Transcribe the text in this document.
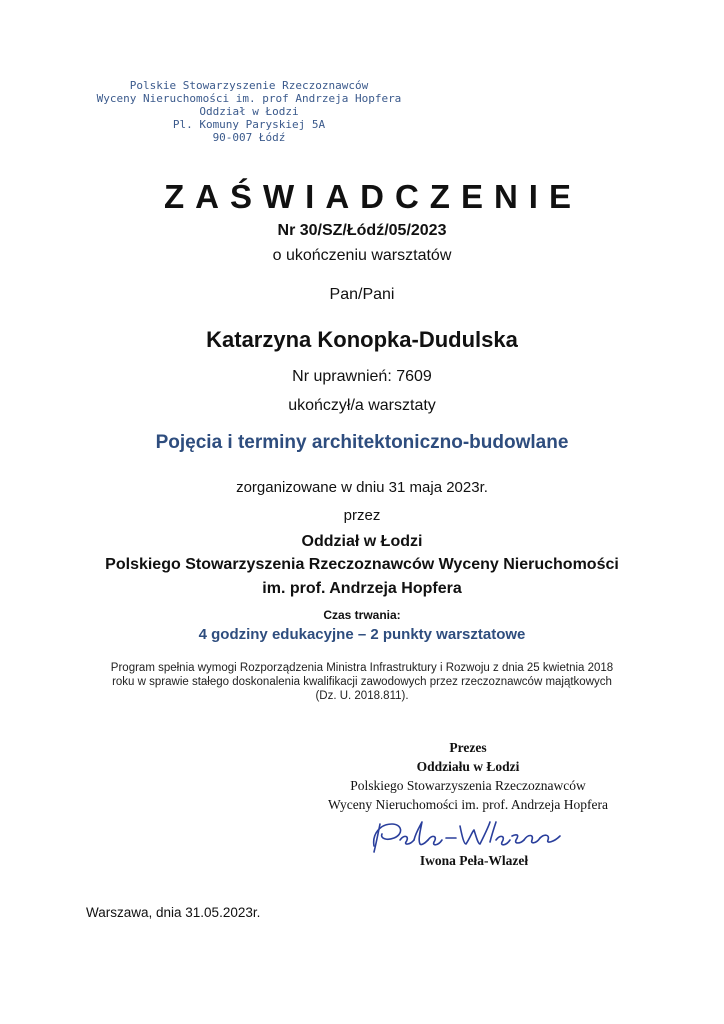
Polskie Stowarzyszenie Rzeczoznawców
Wyceny Nieruchomości im. prof Andrzeja Hopfera
Oddział w Łodzi
Pl. Komuny Paryskiej 5A
90-007 Łódź
ZAŚWIADCZENIE
Nr 30/SZ/Łódź/05/2023
o ukończeniu warsztatów
Pan/Pani
Katarzyna Konopka-Dudulska
Nr uprawnień: 7609
ukończył/a warsztaty
Pojęcia i terminy architektoniczno-budowlane
zorganizowane w dniu 31 maja 2023r.
przez
Oddział w Łodzi
Polskiego Stowarzyszenia Rzeczoznawców Wyceny Nieruchomości
im. prof. Andrzeja Hopfera
Czas trwania:
4 godziny edukacyjne – 2 punkty warsztatowe
Program spełnia wymogi Rozporządzenia Ministra Infrastruktury i Rozwoju z dnia 25 kwietnia 2018
roku w sprawie stałego doskonalenia kwalifikacji zawodowych przez rzeczoznawców majątkowych
(Dz. U. 2018.811).
Prezes
Oddziału w Łodzi
Polskiego Stowarzyszenia Rzeczoznawców
Wyceny Nieruchomości im. prof. Andrzeja Hopfera
Iwona Peła-Wlazeł
Warszawa, dnia 31.05.2023r.
